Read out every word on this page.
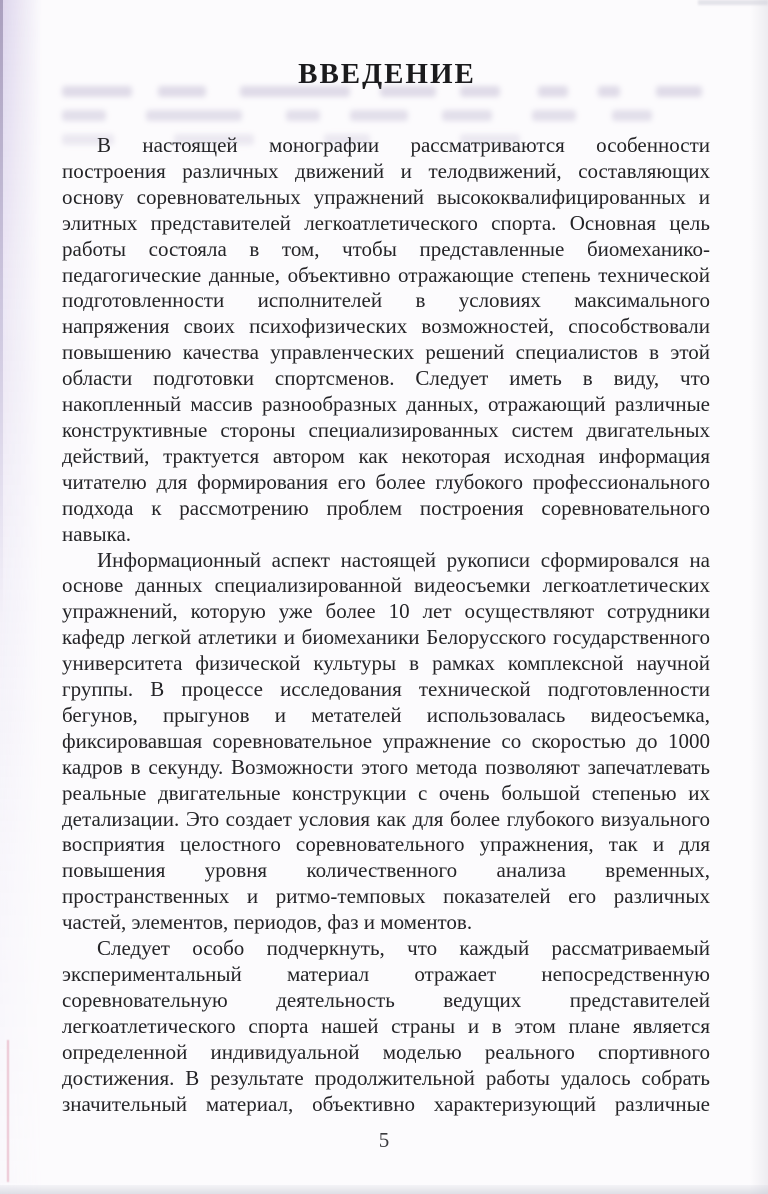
ВВЕДЕНИЕ

В настоящей монографии рассматриваются особенности построения различных движений и телодвижений, составляющих основу соревновательных упражнений высококвалифицированных и элитных представителей легкоатлетического спорта. Основная цель работы состояла в том, чтобы представленные биомеханико-педагогические данные, объективно отражающие степень технической подготовленности исполнителей в условиях максимального напряжения своих психофизических возможностей, способствовали повышению качества управленческих решений специалистов в этой области подготовки спортсменов. Следует иметь в виду, что накопленный массив разнообразных данных, отражающий различные конструктивные стороны специализированных систем двигательных действий, трактуется автором как некоторая исходная информация читателю для формирования его более глубокого профессионального подхода к рассмотрению проблем построения соревновательного навыка.

Информационный аспект настоящей рукописи сформировался на основе данных специализированной видеосъемки легкоатлетических упражнений, которую уже более 10 лет осуществляют сотрудники кафедр легкой атлетики и биомеханики Белорусского государственного университета физической культуры в рамках комплексной научной группы. В процессе исследования технической подготовленности бегунов, прыгунов и метателей использовалась видеосъемка, фиксировавшая соревновательное упражнение со скоростью до 1000 кадров в секунду. Возможности этого метода позволяют запечатлевать реальные двигательные конструкции с очень большой степенью их детализации. Это создает условия как для более глубокого визуального восприятия целостного соревновательного упражнения, так и для повышения уровня количественного анализа временных, пространственных и ритмо-темповых показателей его различных частей, элементов, периодов, фаз и моментов.

Следует особо подчеркнуть, что каждый рассматриваемый экспериментальный материал отражает непосредственную соревновательную деятельность ведущих представителей легкоатлетического спорта нашей страны и в этом плане является определенной индивидуальной моделью реального спортивного достижения. В результате продолжительной работы удалось собрать значительный материал, объективно характеризующий различные

5
